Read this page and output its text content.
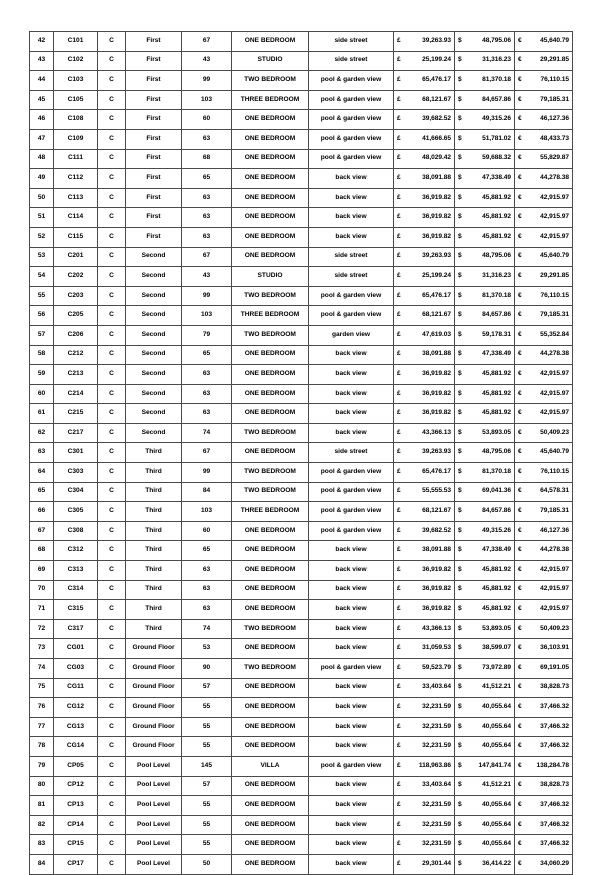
42	C101	C	First	67	ONE BEDROOM	side street	£ 39,263.93	$ 48,795.06	€ 45,640.79

43	C102	C	First	43	STUDIO	side street	£ 25,199.24	$ 31,316.23	€ 29,291.85

44	C103	C	First	99	TWO BEDROOM	pool & garden view	£ 65,476.17	$ 81,370.18	€ 76,110.15

45	C105	C	First	103	THREE BEDROOM	pool & garden view	£ 68,121.67	$ 84,657.86	€ 79,185.31

46	C108	C	First	60	ONE BEDROOM	pool & garden view	£ 39,682.52	$ 49,315.26	€ 46,127.36

47	C109	C	First	63	ONE BEDROOM	pool & garden view	£ 41,666.65	$ 51,781.02	€ 48,433.73

48	C111	C	First	68	ONE BEDROOM	pool & garden view	£ 48,029.42	$ 59,688.32	€ 55,829.87

49	C112	C	First	65	ONE BEDROOM	back view	£ 38,091.88	$ 47,338.49	€ 44,278.38

50	C113	C	First	63	ONE BEDROOM	back view	£ 36,919.82	$ 45,881.92	€ 42,915.97

51	C114	C	First	63	ONE BEDROOM	back view	£ 36,919.82	$ 45,881.92	€ 42,915.97

52	C115	C	First	63	ONE BEDROOM	back view	£ 36,919.82	$ 45,881.92	€ 42,915.97

53	C201	C	Second	67	ONE BEDROOM	side street	£ 39,263.93	$ 48,795.06	€ 45,640.79

54	C202	C	Second	43	STUDIO	side street	£ 25,199.24	$ 31,316.23	€ 29,291.85

55	C203	C	Second	99	TWO BEDROOM	pool & garden view	£ 65,476.17	$ 81,370.18	€ 76,110.15

56	C205	C	Second	103	THREE BEDROOM	pool & garden view	£ 68,121.67	$ 84,657.86	€ 79,185.31

57	C206	C	Second	79	TWO BEDROOM	garden view	£ 47,619.03	$ 59,178.31	€ 55,352.84

58	C212	C	Second	65	ONE BEDROOM	back view	£ 38,091.88	$ 47,338.49	€ 44,278.38

59	C213	C	Second	63	ONE BEDROOM	back view	£ 36,919.82	$ 45,881.92	€ 42,915.97

60	C214	C	Second	63	ONE BEDROOM	back view	£ 36,919.82	$ 45,881.92	€ 42,915.97

61	C215	C	Second	63	ONE BEDROOM	back view	£ 36,919.82	$ 45,881.92	€ 42,915.97

62	C217	C	Second	74	TWO BEDROOM	back view	£ 43,366.13	$ 53,893.05	€ 50,409.23

63	C301	C	Third	67	ONE BEDROOM	side street	£ 39,263.93	$ 48,795.06	€ 45,640.79

64	C303	C	Third	99	TWO BEDROOM	pool & garden view	£ 65,476.17	$ 81,370.18	€ 76,110.15

65	C304	C	Third	84	TWO BEDROOM	pool & garden view	£ 55,555.53	$ 69,041.36	€ 64,578.31

66	C305	C	Third	103	THREE BEDROOM	pool & garden view	£ 68,121.67	$ 84,657.86	€ 79,185.31

67	C308	C	Third	60	ONE BEDROOM	pool & garden view	£ 39,682.52	$ 49,315.26	€ 46,127.36

68	C312	C	Third	65	ONE BEDROOM	back view	£ 38,091.88	$ 47,338.49	€ 44,278.38

69	C313	C	Third	63	ONE BEDROOM	back view	£ 36,919.82	$ 45,881.92	€ 42,915.97

70	C314	C	Third	63	ONE BEDROOM	back view	£ 36,919.82	$ 45,881.92	€ 42,915.97

71	C315	C	Third	63	ONE BEDROOM	back view	£ 36,919.82	$ 45,881.92	€ 42,915.97

72	C317	C	Third	74	TWO BEDROOM	back view	£ 43,366.13	$ 53,893.05	€ 50,409.23

73	CG01	C	Ground Floor	53	ONE BEDROOM	back view	£ 31,059.53	$ 38,599.07	€ 36,103.91

74	CG03	C	Ground Floor	90	TWO BEDROOM	pool & garden view	£ 59,523.79	$ 73,972.89	€ 69,191.05

75	CG11	C	Ground Floor	57	ONE BEDROOM	back view	£ 33,403.64	$ 41,512.21	€ 38,828.73

76	CG12	C	Ground Floor	55	ONE BEDROOM	back view	£ 32,231.59	$ 40,055.64	€ 37,466.32

77	CG13	C	Ground Floor	55	ONE BEDROOM	back view	£ 32,231.59	$ 40,055.64	€ 37,466.32

78	CG14	C	Ground Floor	55	ONE BEDROOM	back view	£ 32,231.59	$ 40,055.64	€ 37,466.32

79	CP05	C	Pool Level	145	VILLA	pool & garden view	£ 118,963.86	$ 147,841.74	€ 138,284.78

80	CP12	C	Pool Level	57	ONE BEDROOM	back view	£ 33,403.64	$ 41,512.21	€ 38,828.73

81	CP13	C	Pool Level	55	ONE BEDROOM	back view	£ 32,231.59	$ 40,055.64	€ 37,466.32

82	CP14	C	Pool Level	55	ONE BEDROOM	back view	£ 32,231.59	$ 40,055.64	€ 37,466.32

83	CP15	C	Pool Level	55	ONE BEDROOM	back view	£ 32,231.59	$ 40,055.64	€ 37,466.32

84	CP17	C	Pool Level	50	ONE BEDROOM	back view	£ 29,301.44	$ 36,414.22	€ 34,060.29
